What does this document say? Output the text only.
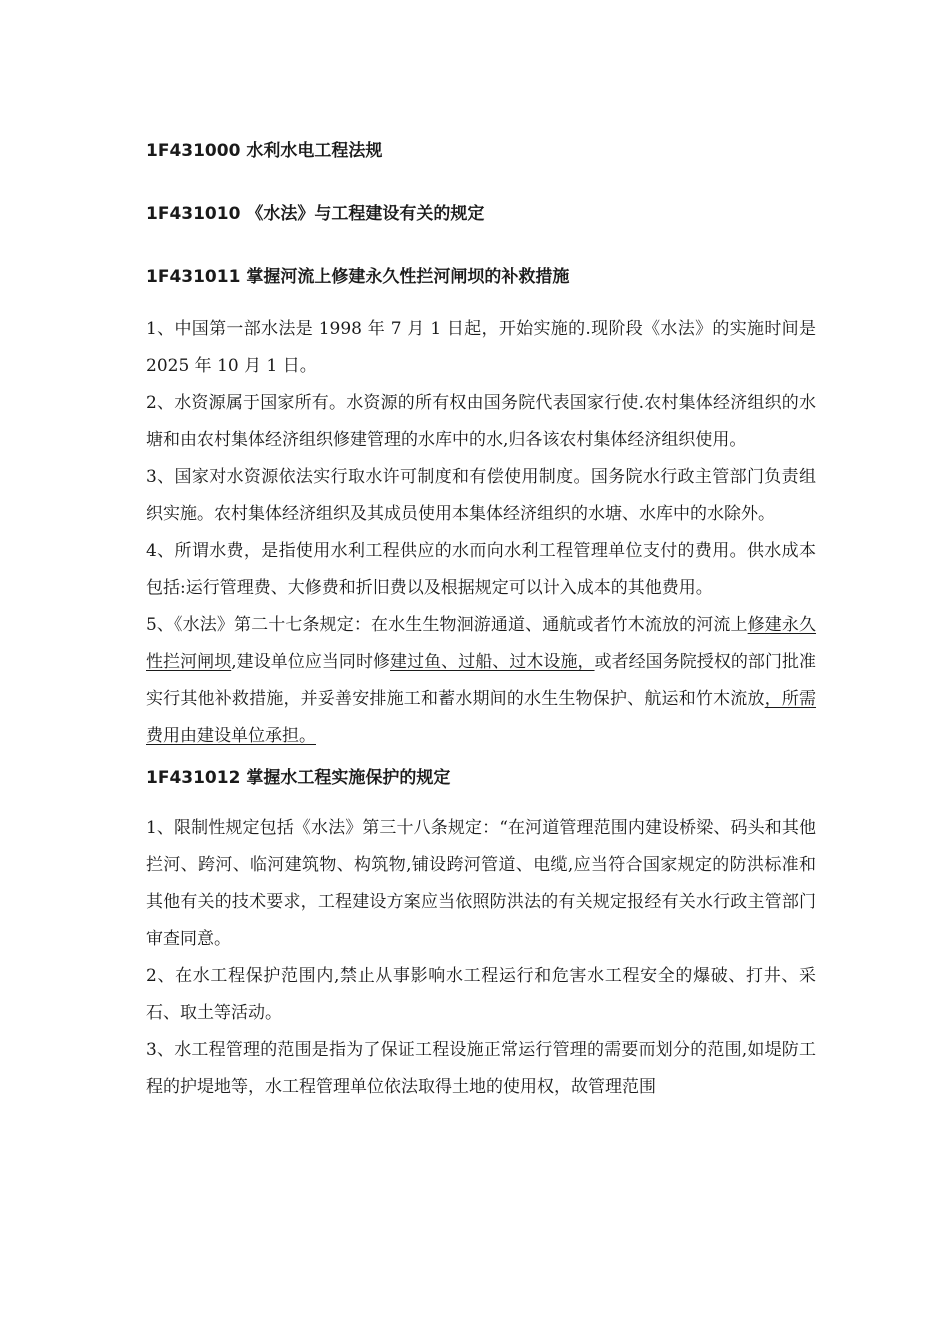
1F431000 水利水电工程法规

1F431010 《水法》与工程建设有关的规定

1F431011 掌握河流上修建永久性拦河闸坝的补救措施

1、中国第一部水法是 1998 年 7 月 1 日起，开始实施的.现阶段《水法》的实施时间是 2025 年 10 月 1 日。

2、水资源属于国家所有。水资源的所有权由国务院代表国家行使.农村集体经济组织的水塘和由农村集体经济组织修建管理的水库中的水,归各该农村集体经济组织使用。

3、国家对水资源依法实行取水许可制度和有偿使用制度。国务院水行政主管部门负责组织实施。农村集体经济组织及其成员使用本集体经济组织的水塘、水库中的水除外。

4、所谓水费，是指使用水利工程供应的水而向水利工程管理单位支付的费用。供水成本包括:运行管理费、大修费和折旧费以及根据规定可以计入成本的其他费用。

5、《水法》第二十七条规定：在水生生物洄游通道、通航或者竹木流放的河流上修建永久性拦河闸坝,建设单位应当同时修建过鱼、过船、过木设施，或者经国务院授权的部门批准实行其他补救措施，并妥善安排施工和蓄水期间的水生生物保护、航运和竹木流放，所需费用由建设单位承担。

1F431012 掌握水工程实施保护的规定

1、限制性规定包括《水法》第三十八条规定：“在河道管理范围内建设桥梁、码头和其他拦河、跨河、临河建筑物、构筑物,铺设跨河管道、电缆,应当符合国家规定的防洪标准和其他有关的技术要求，工程建设方案应当依照防洪法的有关规定报经有关水行政主管部门审查同意。

2、在水工程保护范围内,禁止从事影响水工程运行和危害水工程安全的爆破、打井、采石、取土等活动。

3、水工程管理的范围是指为了保证工程设施正常运行管理的需要而划分的范围,如堤防工程的护堤地等，水工程管理单位依法取得土地的使用权，故管理范围
